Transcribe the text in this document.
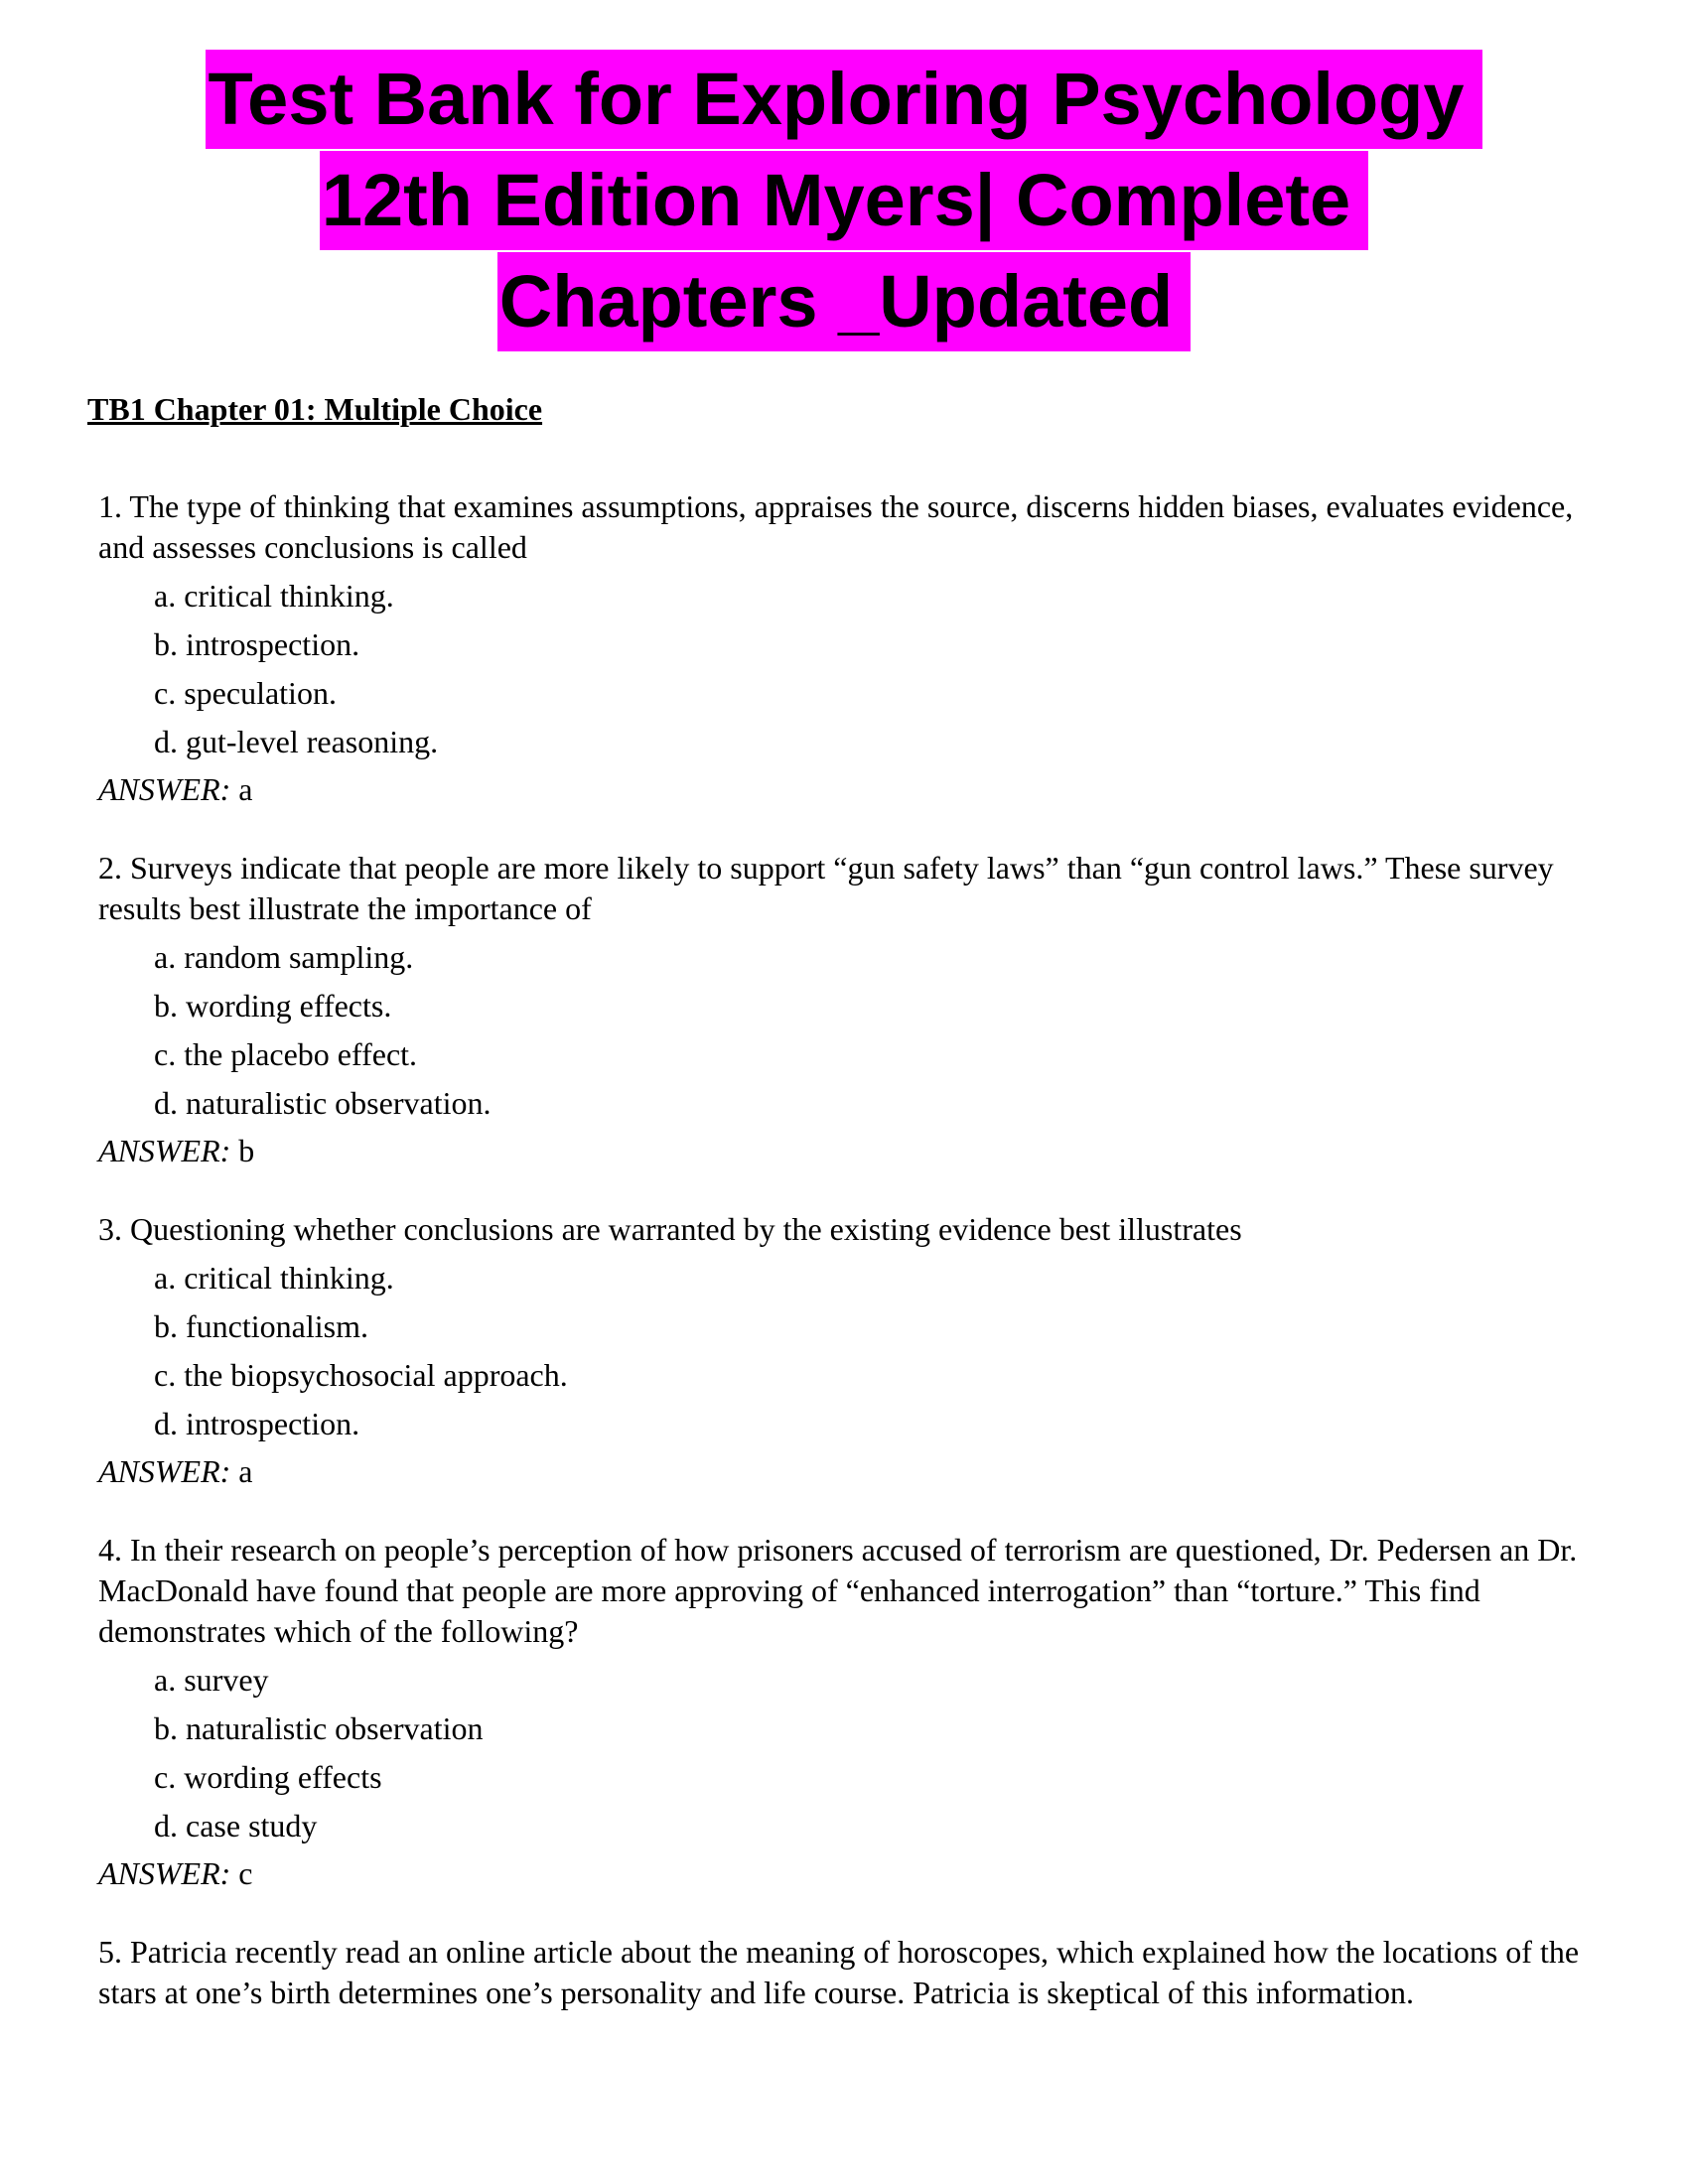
Test Bank for Exploring Psychology
12th Edition Myers| Complete
Chapters _Updated
TB1 Chapter 01: Multiple Choice

1. The type of thinking that examines assumptions, appraises the source, discerns hidden biases, evaluates evidence, and assesses conclusions is called

a. critical thinking.
b. introspection.
c. speculation.
d. gut-level reasoning.
ANSWER: a

2. Surveys indicate that people are more likely to support “gun safety laws” than “gun control laws.” These survey results best illustrate the importance of

a. random sampling.
b. wording effects.
c. the placebo effect.
d. naturalistic observation.
ANSWER: b

3. Questioning whether conclusions are warranted by the existing evidence best illustrates

a. critical thinking.
b. functionalism.
c. the biopsychosocial approach.
d. introspection.
ANSWER: a

4. In their research on people’s perception of how prisoners accused of terrorism are questioned, Dr. Pedersen an Dr. MacDonald have found that people are more approving of “enhanced interrogation” than “torture.” This find demonstrates which of the following?

a. survey
b. naturalistic observation
c. wording effects
d. case study
ANSWER: c

5. Patricia recently read an online article about the meaning of horoscopes, which explained how the locations of the stars at one’s birth determines one’s personality and life course. Patricia is skeptical of this information.
